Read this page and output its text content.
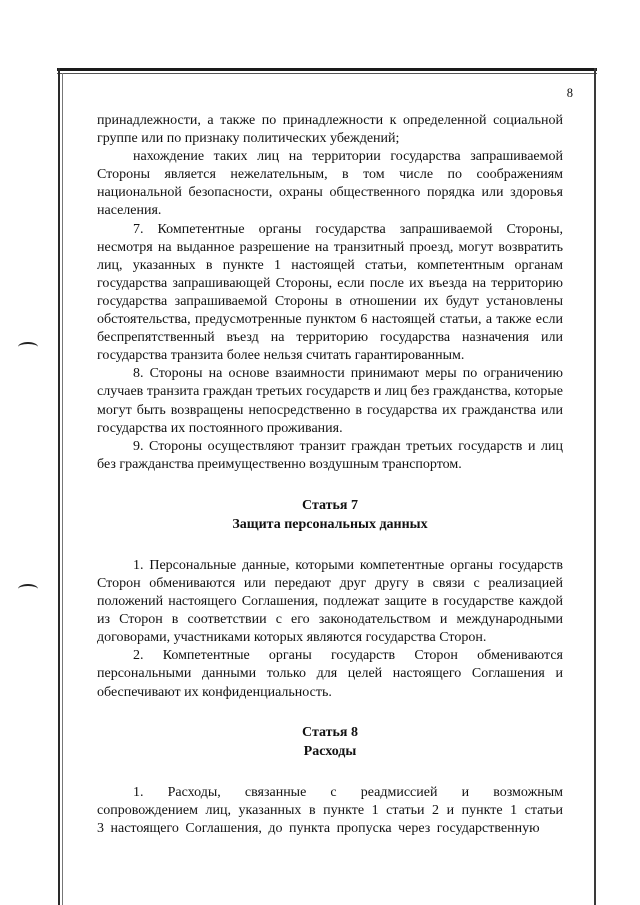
8

принадлежности, а также по принадлежности к определенной социальной группе или по признаку политических убеждений;

нахождение таких лиц на территории государства запрашиваемой Стороны является нежелательным, в том числе по соображениям национальной безопасности, охраны общественного порядка или здоровья населения.

7. Компетентные органы государства запрашиваемой Стороны, несмотря на выданное разрешение на транзитный проезд, могут возвратить лиц, указанных в пункте 1 настоящей статьи, компетентным органам государства запрашивающей Стороны, если после их въезда на территорию государства запрашиваемой Стороны в отношении их будут установлены обстоятельства, предусмотренные пунктом 6 настоящей статьи, а также если беспрепятственный въезд на территорию государства назначения или государства транзита более нельзя считать гарантированным.

8. Стороны на основе взаимности принимают меры по ограничению случаев транзита граждан третьих государств и лиц без гражданства, которые могут быть возвращены непосредственно в государства их гражданства или государства их постоянного проживания.

9. Стороны осуществляют транзит граждан третьих государств и лиц без гражданства преимущественно воздушным транспортом.

Статья 7
Защита персональных данных

1. Персональные данные, которыми компетентные органы государств Сторон обмениваются или передают друг другу в связи с реализацией положений настоящего Соглашения, подлежат защите в государстве каждой из Сторон в соответствии с его законодательством и международными договорами, участниками которых являются государства Сторон.

2. Компетентные органы государств Сторон обмениваются персональными данными только для целей настоящего Соглашения и обеспечивают их конфиденциальность.

Статья 8
Расходы

1. Расходы, связанные с реадмиссией и возможным сопровождением лиц, указанных в пункте 1 статьи 2 и пункте 1 статьи 3 настоящего Соглашения, до пункта пропуска через государственную
